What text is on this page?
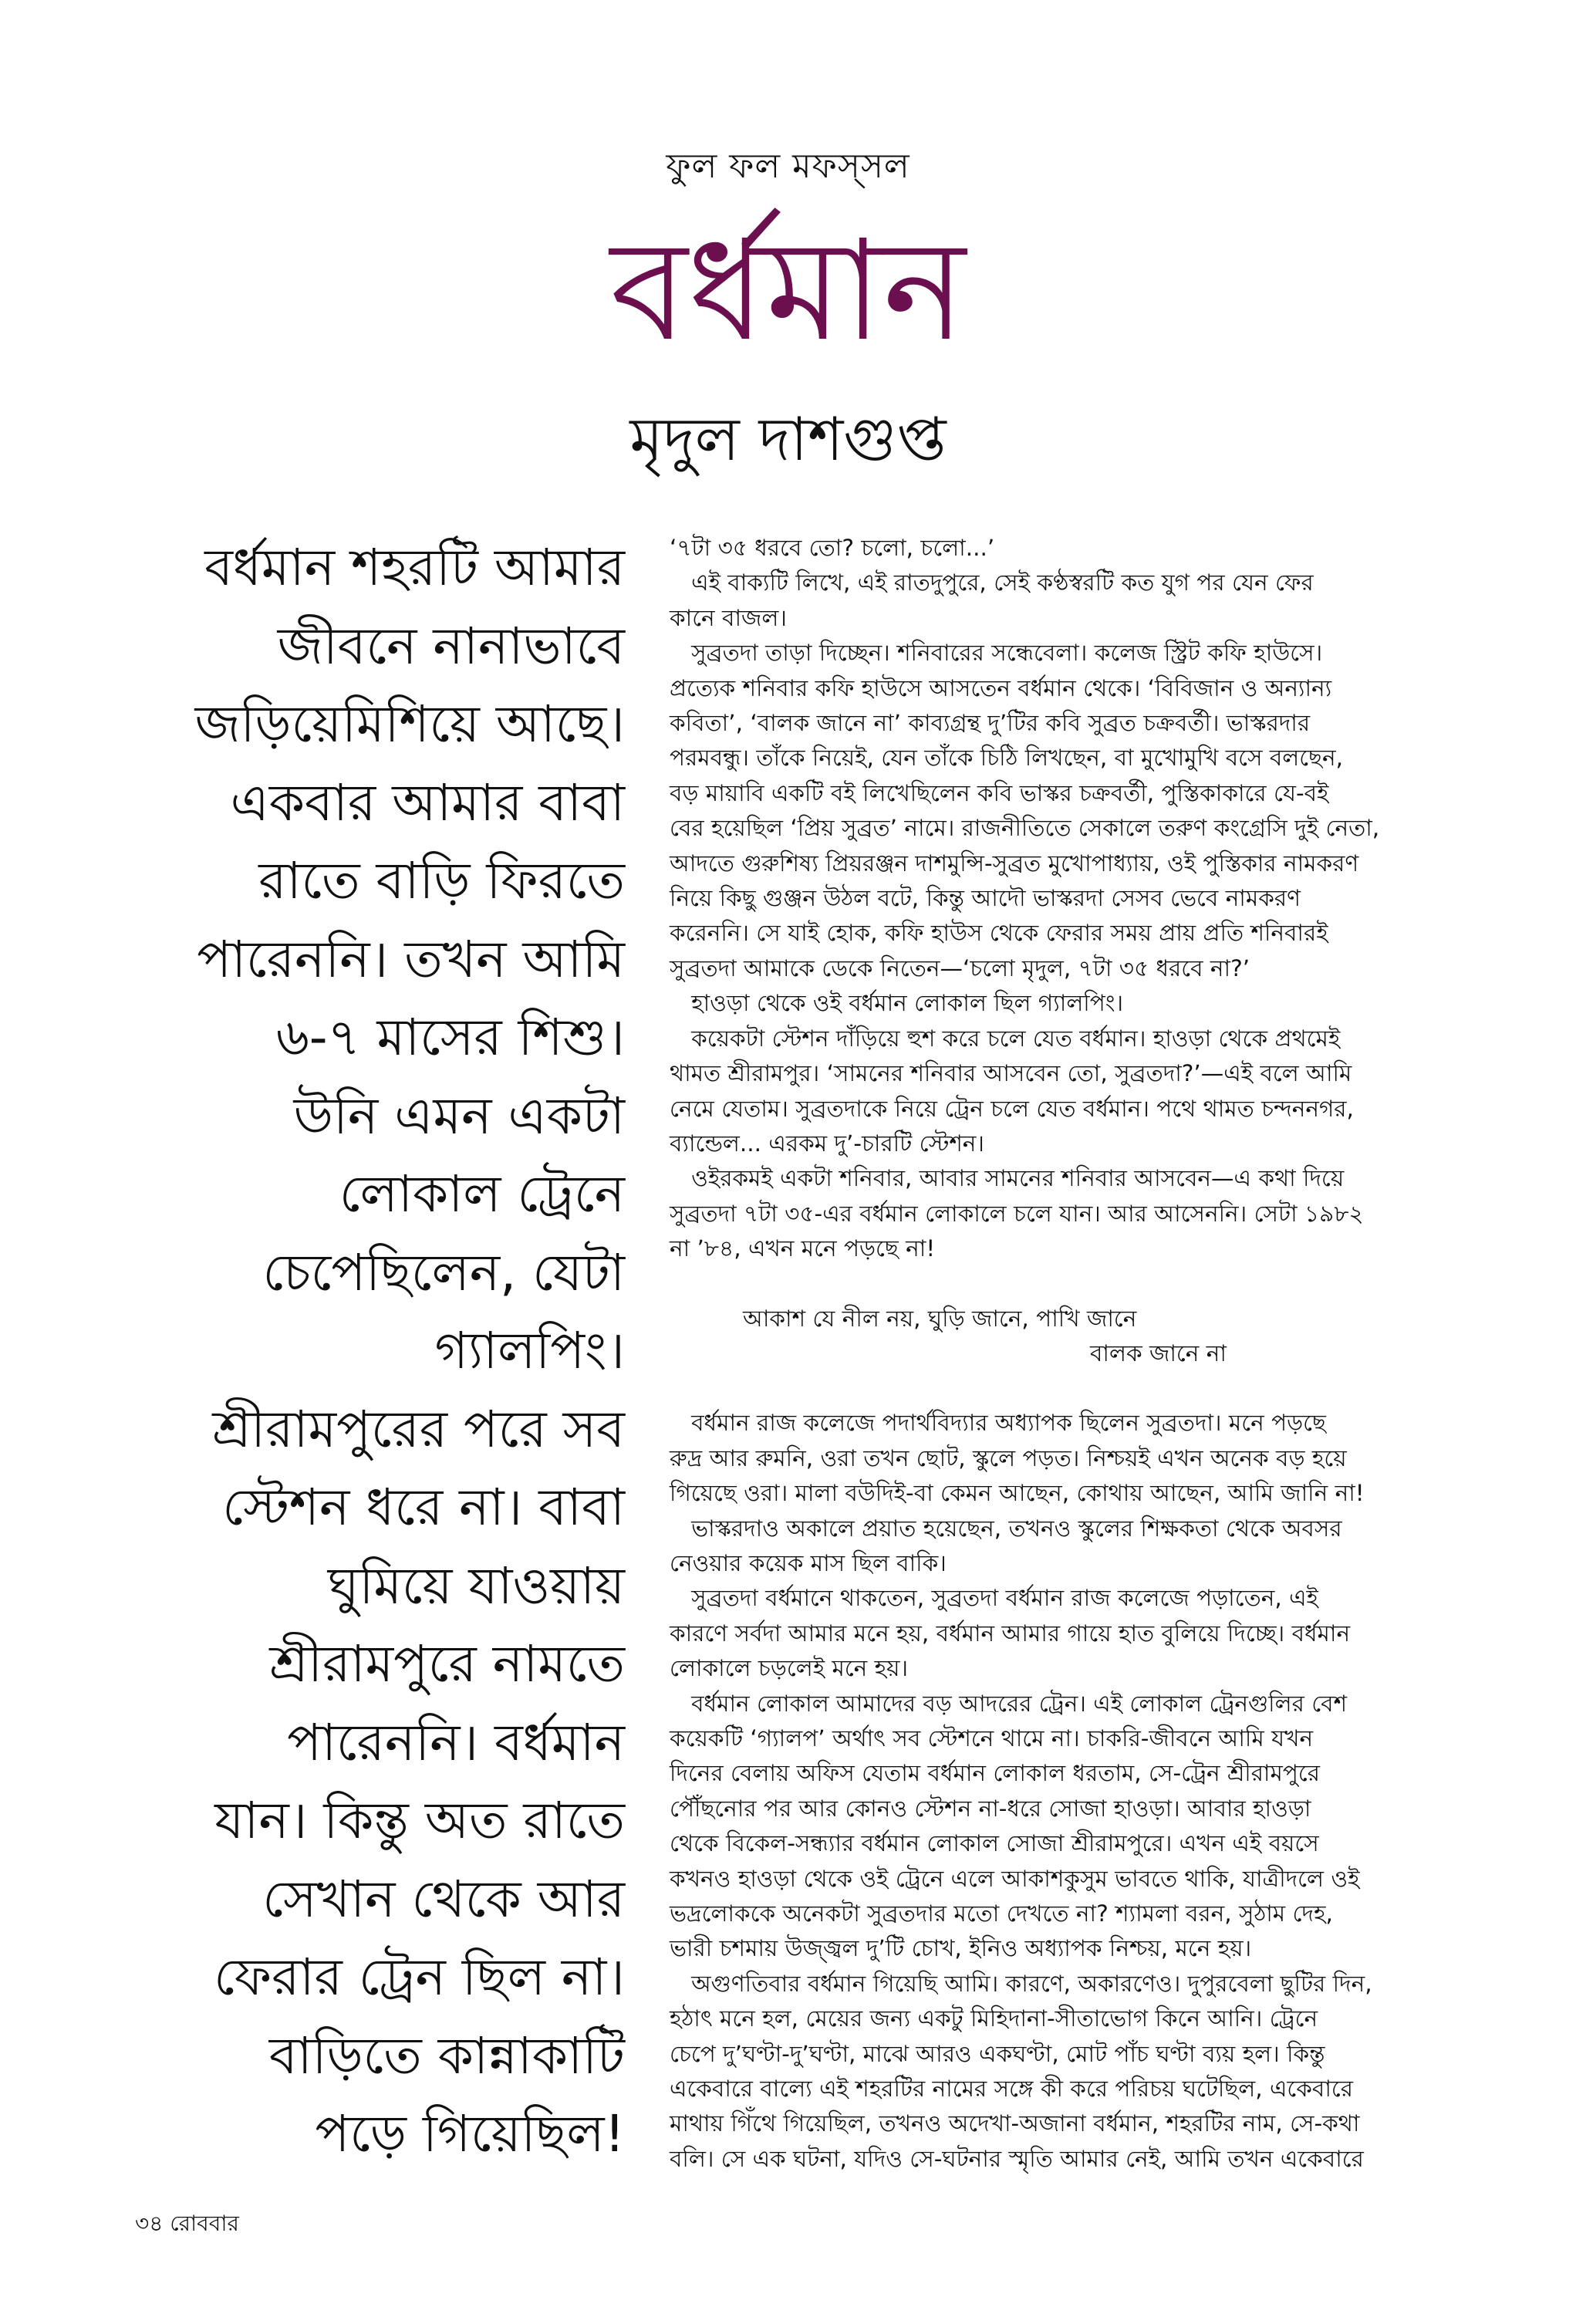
ফুল ফল মফস্‌সল
বর্ধমান
মৃদুল দাশগুপ্ত
বর্ধমান শহরটি আমার
জীবনে নানাভাবে
জড়িয়েমিশিয়ে আছে।
একবার আমার বাবা
রাতে বাড়ি ফিরতে
পারেননি। তখন আমি
৬-৭ মাসের শিশু।
উনি এমন একটা
লোকাল ট্রেনে
চেপেছিলেন, যেটা
গ্যালপিং।
শ্রীরামপুরের পরে সব
স্টেশন ধরে না। বাবা
ঘুমিয়ে যাওয়ায়
শ্রীরামপুরে নামতে
পারেননি। বর্ধমান
যান। কিন্তু অত রাতে
সেখান থেকে আর
ফেরার ট্রেন ছিল না।
বাড়িতে কান্নাকাটি
পড়ে গিয়েছিল!
‘৭টা ৩৫ ধরবে তো? চলো, চলো...’
এই বাক্যটি লিখে, এই রাতদুপুরে, সেই কণ্ঠস্বরটি কত যুগ পর যেন ফের
কানে বাজল।
সুব্রতদা তাড়া দিচ্ছেন। শনিবারের সন্ধেবেলা। কলেজ স্ট্রিট কফি হাউসে।
প্রত্যেক শনিবার কফি হাউসে আসতেন বর্ধমান থেকে। ‘বিবিজান ও অন্যান্য
কবিতা’, ‘বালক জানে না’ কাব্যগ্রন্থ দু’টির কবি সুব্রত চক্রবর্তী। ভাস্করদার
পরমবন্ধু। তাঁকে নিয়েই, যেন তাঁকে চিঠি লিখছেন, বা মুখোমুখি বসে বলছেন,
বড় মায়াবি একটি বই লিখেছিলেন কবি ভাস্কর চক্রবর্তী, পুস্তিকাকারে যে-বই
বের হয়েছিল ‘প্রিয় সুব্রত’ নামে। রাজনীতিতে সেকালে তরুণ কংগ্রেসি দুই নেতা,
আদতে গুরুশিষ্য প্রিয়রঞ্জন দাশমুন্সি-সুব্রত মুখোপাধ্যায়, ওই পুস্তিকার নামকরণ
নিয়ে কিছু গুঞ্জন উঠল বটে, কিন্তু আদৌ ভাস্করদা সেসব ভেবে নামকরণ
করেননি। সে যাই হোক, কফি হাউস থেকে ফেরার সময় প্রায় প্রতি শনিবারই
সুব্রতদা আমাকে ডেকে নিতেন—‘চলো মৃদুল, ৭টা ৩৫ ধরবে না?’
হাওড়া থেকে ওই বর্ধমান লোকাল ছিল গ্যালপিং।
কয়েকটা স্টেশন দাঁড়িয়ে হুশ করে চলে যেত বর্ধমান। হাওড়া থেকে প্রথমেই
থামত শ্রীরামপুর। ‘সামনের শনিবার আসবেন তো, সুব্রতদা?’—এই বলে আমি
নেমে যেতাম। সুব্রতদাকে নিয়ে ট্রেন চলে যেত বর্ধমান। পথে থামত চন্দননগর,
ব্যান্ডেল... এরকম দু’-চারটি স্টেশন।
ওইরকমই একটা শনিবার, আবার সামনের শনিবার আসবেন—এ কথা দিয়ে
সুব্রতদা ৭টা ৩৫-এর বর্ধমান লোকালে চলে যান। আর আসেননি। সেটা ১৯৮২
না ’৮৪, এখন মনে পড়ছে না!
আকাশ যে নীল নয়, ঘুড়ি জানে, পাখি জানে
বালক জানে না
বর্ধমান রাজ কলেজে পদার্থবিদ্যার অধ্যাপক ছিলেন সুব্রতদা। মনে পড়ছে
রুদ্র আর রুমনি, ওরা তখন ছোট, স্কুলে পড়ত। নিশ্চয়ই এখন অনেক বড় হয়ে
গিয়েছে ওরা। মালা বউদিই-বা কেমন আছেন, কোথায় আছেন, আমি জানি না!
ভাস্করদাও অকালে প্রয়াত হয়েছেন, তখনও স্কুলের শিক্ষকতা থেকে অবসর
নেওয়ার কয়েক মাস ছিল বাকি।
সুব্রতদা বর্ধমানে থাকতেন, সুব্রতদা বর্ধমান রাজ কলেজে পড়াতেন, এই
কারণে সর্বদা আমার মনে হয়, বর্ধমান আমার গায়ে হাত বুলিয়ে দিচ্ছে। বর্ধমান
লোকালে চড়লেই মনে হয়।
বর্ধমান লোকাল আমাদের বড় আদরের ট্রেন। এই লোকাল ট্রেনগুলির বেশ
কয়েকটি ‘গ্যালপ’ অর্থাৎ সব স্টেশনে থামে না। চাকরি-জীবনে আমি যখন
দিনের বেলায় অফিস যেতাম বর্ধমান লোকাল ধরতাম, সে-ট্রেন শ্রীরামপুরে
পৌঁছনোর পর আর কোনও স্টেশন না-ধরে সোজা হাওড়া। আবার হাওড়া
থেকে বিকেল-সন্ধ্যার বর্ধমান লোকাল সোজা শ্রীরামপুরে। এখন এই বয়সে
কখনও হাওড়া থেকে ওই ট্রেনে এলে আকাশকুসুম ভাবতে থাকি, যাত্রীদলে ওই
ভদ্রলোককে অনেকটা সুব্রতদার মতো দেখতে না? শ্যামলা বরন, সুঠাম দেহ,
ভারী চশমায় উজ্জ্বল দু’টি চোখ, ইনিও অধ্যাপক নিশ্চয়, মনে হয়।
অগুণতিবার বর্ধমান গিয়েছি আমি। কারণে, অকারণেও। দুপুরবেলা ছুটির দিন,
হঠাৎ মনে হল, মেয়ের জন্য একটু মিহিদানা-সীতাভোগ কিনে আনি। ট্রেনে
চেপে দু’ঘণ্টা-দু’ঘণ্টা, মাঝে আরও একঘণ্টা, মোট পাঁচ ঘণ্টা ব্যয় হল। কিন্তু
একেবারে বাল্যে এই শহরটির নামের সঙ্গে কী করে পরিচয় ঘটেছিল, একেবারে
মাথায় গিঁথে গিয়েছিল, তখনও অদেখা-অজানা বর্ধমান, শহরটির নাম, সে-কথা
বলি। সে এক ঘটনা, যদিও সে-ঘটনার স্মৃতি আমার নেই, আমি তখন একেবারে
৩৪ রোববার
